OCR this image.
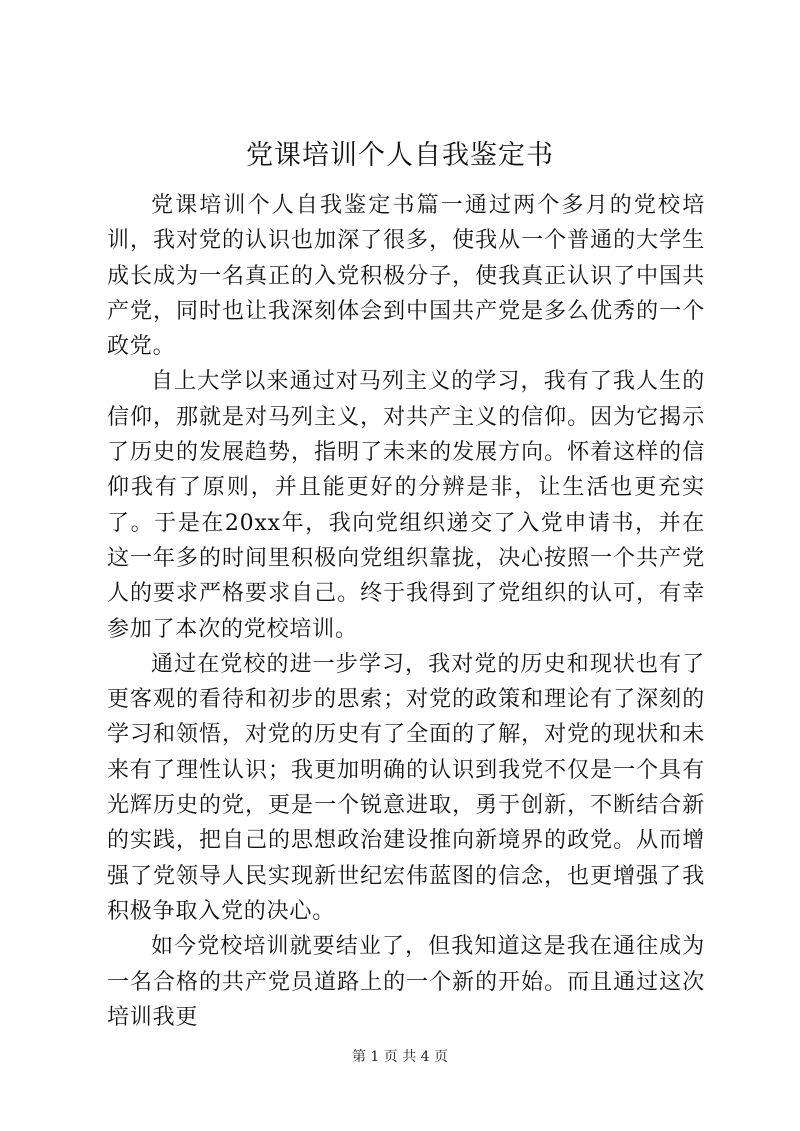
党课培训个人自我鉴定书

党课培训个人自我鉴定书篇一通过两个多月的党校培训，我对党的认识也加深了很多，使我从一个普通的大学生成长成为一名真正的入党积极分子，使我真正认识了中国共产党，同时也让我深刻体会到中国共产党是多么优秀的一个政党。

自上大学以来通过对马列主义的学习，我有了我人生的信仰，那就是对马列主义，对共产主义的信仰。因为它揭示了历史的发展趋势，指明了未来的发展方向。怀着这样的信仰我有了原则，并且能更好的分辨是非，让生活也更充实了。于是在20xx年，我向党组织递交了入党申请书，并在这一年多的时间里积极向党组织靠拢，决心按照一个共产党人的要求严格要求自己。终于我得到了党组织的认可，有幸参加了本次的党校培训。

通过在党校的进一步学习，我对党的历史和现状也有了更客观的看待和初步的思索；对党的政策和理论有了深刻的学习和领悟，对党的历史有了全面的了解，对党的现状和未来有了理性认识；我更加明确的认识到我党不仅是一个具有光辉历史的党，更是一个锐意进取，勇于创新，不断结合新的实践，把自己的思想政治建设推向新境界的政党。从而增强了党领导人民实现新世纪宏伟蓝图的信念，也更增强了我积极争取入党的决心。

如今党校培训就要结业了，但我知道这是我在通往成为一名合格的共产党员道路上的一个新的开始。而且通过这次培训我更

第 1 页 共 4 页
